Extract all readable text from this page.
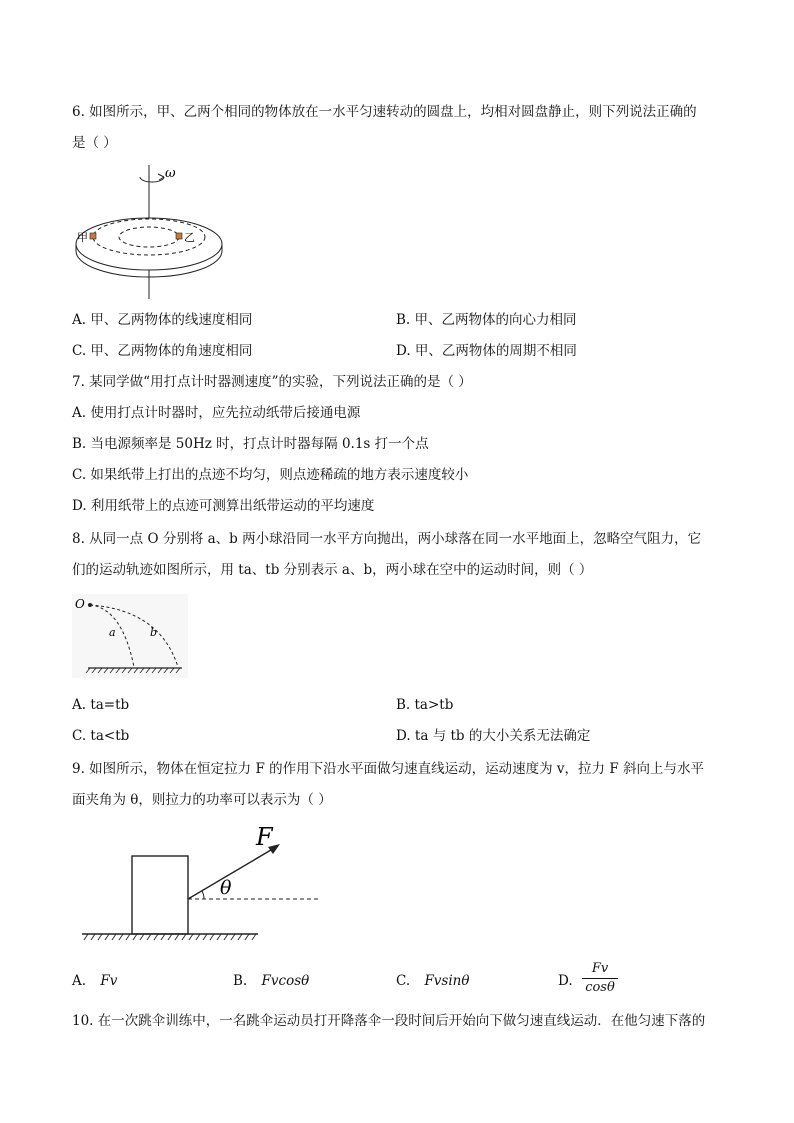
6. 如图所示，甲、乙两个相同的物体放在一水平匀速转动的圆盘上，均相对圆盘静止，则下列说法正确的
是（ ）
ω
甲	乙
A. 甲、乙两物体的线速度相同	B. 甲、乙两物体的向心力相同
C. 甲、乙两物体的角速度相同	D. 甲、乙两物体的周期不相同
7. 某同学做“用打点计时器测速度”的实验，下列说法正确的是（ ）
A. 使用打点计时器时，应先拉动纸带后接通电源
B. 当电源频率是 50Hz 时，打点计时器每隔 0.1s 打一个点
C. 如果纸带上打出的点迹不均匀，则点迹稀疏的地方表示速度较小
D. 利用纸带上的点迹可测算出纸带运动的平均速度
8. 从同一点 O 分别将 a、b 两小球沿同一水平方向抛出，两小球落在同一水平地面上，忽略空气阻力，它
们的运动轨迹如图所示，用 ta、tb 分别表示 a、b，两小球在空中的运动时间，则（ ）
O
a	b
A. ta=tb	B. ta>tb
C. ta<tb	D. ta 与 tb 的大小关系无法确定
9. 如图所示，物体在恒定拉力 F 的作用下沿水平面做匀速直线运动，运动速度为 v，拉力 F 斜向上与水平
面夹角为 θ，则拉力的功率可以表示为（ ）
F
θ
A. Fv	B. Fvcosθ	C. Fvsinθ	D. $\frac{Fv}{\cos\theta}$
10. 在一次跳伞训练中，一名跳伞运动员打开降落伞一段时间后开始向下做匀速直线运动．在他匀速下落的
